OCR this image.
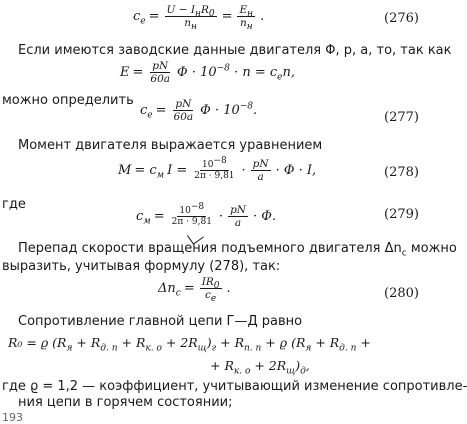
$c_e = \frac{U - I_нR_0}{n_н} = \frac{E_н}{n_н}$ .	(276)
Если имеются заводские данные двигателя Φ, p, a, то, так как
$E = \frac{pN}{60a}$ $\Phi \cdot 10^{-8} \cdot n = c_en$,
можно определить
$c_e = \frac{pN}{60a}$ $\Phi \cdot 10^{-8}$.	(277)
Момент двигателя выражается уравнением
$M = c_м$ $I = \frac{10^{-8}}{2\pi \cdot 9,81} \cdot \frac{pN}{a} \cdot \Phi \cdot I$,	(278)
где
$c_м = \frac{10^{-8}}{2\pi \cdot 9,81} \cdot \frac{pN}{a} \cdot \Phi$.	(279)
Перепад скорости вращения подъемного двигателя $\Delta n_с$ можно
выразить, учитывая формулу (278), так:
$\Delta n_c = \frac{IR_0}{c_e}$ .	(280)
Сопротивление главной цепи Г—Д равно
R₀ = ϱ $(R_я + R_{д. п} + R_{к. о} + 2R_щ)_г + R_{п. п} + ϱ$ ($R_я + R_{д. п}$ +
+ $R_{к. о} + 2R_щ)_д$,
где ϱ = 1,2 — коэффициент, учитывающий изменение сопротивле-
ния цепи в горячем состоянии;
193
